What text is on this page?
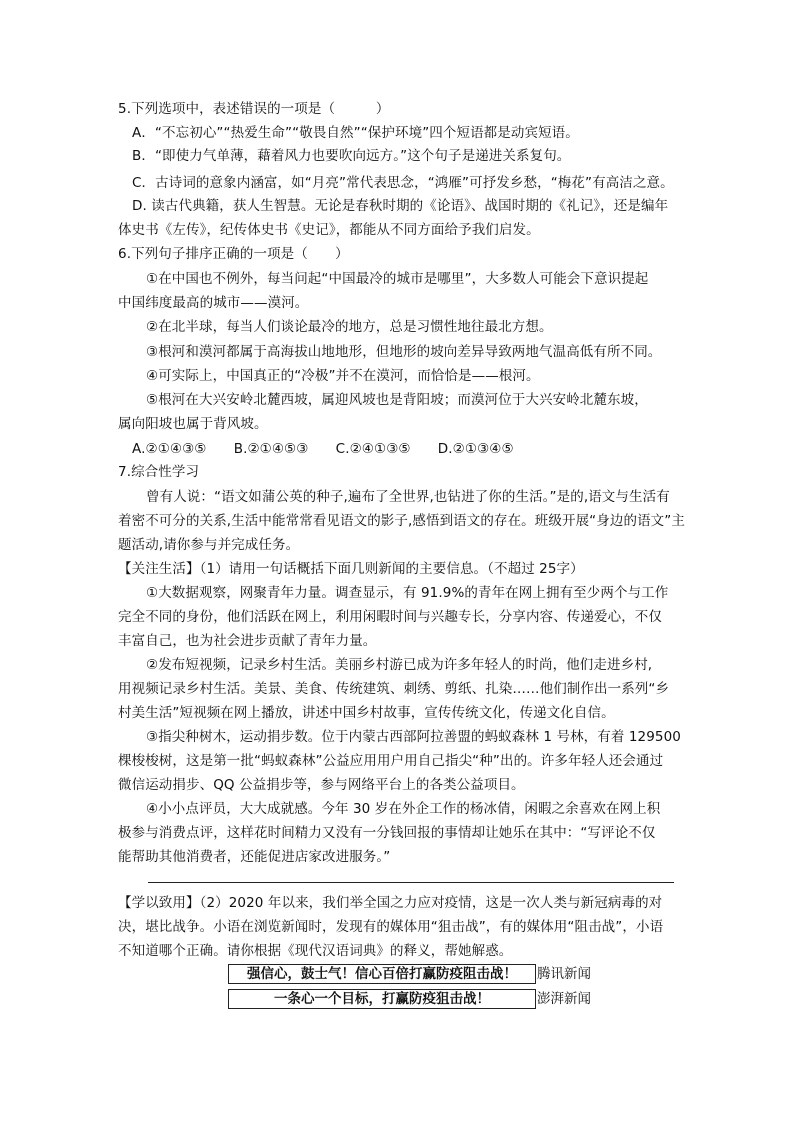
5.下列选项中，表述错误的一项是（　　　）
A．“不忘初心”“热爱生命”“敬畏自然”“保护环境”四个短语都是动宾短语。
B．“即使力气单薄，藉着风力也要吹向远方。”这个句子是递进关系复句。
C．古诗词的意象内涵富，如“月亮”常代表思念，“鸿雁”可抒发乡愁，“梅花”有高洁之意。
D. 读古代典籍，获人生智慧。无论是春秋时期的《论语》、战国时期的《礼记》，还是编年
体史书《左传》，纪传体史书《史记》，都能从不同方面给予我们启发。
6.下列句子排序正确的一项是（　　）
①在中国也不例外，每当问起“中国最冷的城市是哪里”，大多数人可能会下意识提起
中国纬度最高的城市——漠河。
②在北半球，每当人们谈论最冷的地方，总是习惯性地往最北方想。
③根河和漠河都属于高海拔山地地形，但地形的坡向差异导致两地气温高低有所不同。
④可实际上，中国真正的“冷极”并不在漠河，而恰恰是——根河。
⑤根河在大兴安岭北麓西坡，属迎风坡也是背阳坡；而漠河位于大兴安岭北麓东坡，
属向阳坡也属于背风坡。
A.②①④③⑤　　B.②①④⑤③　　C.②④①③⑤　　D.②①③④⑤
7.综合性学习
曾有人说：“语文如蒲公英的种子,遍布了全世界,也钻进了你的生活。”是的,语文与生活有
着密不可分的关系,生活中能常常看见语文的影子,感悟到语文的存在。班级开展“身边的语文”主
题活动,请你参与并完成任务。
【关注生活】（1）请用一句话概括下面几则新闻的主要信息。（不超过 25字）
①大数据观察，网聚青年力量。调查显示，有 91.9%的青年在网上拥有至少两个与工作
完全不同的身份，他们活跃在网上，利用闲暇时间与兴趣专长，分享内容、传递爱心，不仅
丰富自己，也为社会进步贡献了青年力量。
②发布短视频，记录乡村生活。美丽乡村游已成为许多年轻人的时尚，他们走进乡村,
用视频记录乡村生活。美景、美食、传统建筑、刺绣、剪纸、扎染……他们制作出一系列“乡
村美生活”短视频在网上播放，讲述中国乡村故事，宣传传统文化，传递文化自信。
③指尖种树木，运动捐步数。位于内蒙古西部阿拉善盟的蚂蚁森林 1 号林，有着 129500
棵梭梭树，这是第一批“蚂蚁森林”公益应用用户用自己指尖“种”出的。许多年轻人还会通过
微信运动捐步、QQ 公益捐步等，参与网络平台上的各类公益项目。
④小小点评员，大大成就感。今年 30 岁在外企工作的杨冰倩，闲暇之余喜欢在网上积
极参与消费点评，这样花时间精力又没有一分钱回报的事情却让她乐在其中：“写评论不仅
能帮助其他消费者，还能促进店家改进服务。”
【学以致用】（2）2020 年以来，我们举全国之力应对疫情，这是一次人类与新冠病毒的对
决，堪比战争。小语在浏览新闻时，发现有的媒体用“狙击战”，有的媒体用“阻击战”，小语
不知道哪个正确。请你根据《现代汉语词典》的释义，帮她解惑。
强信心，鼓士气！信心百倍打赢防疫阻击战！	腾讯新闻
一条心一个目标，打赢防疫狙击战！	澎湃新闻
